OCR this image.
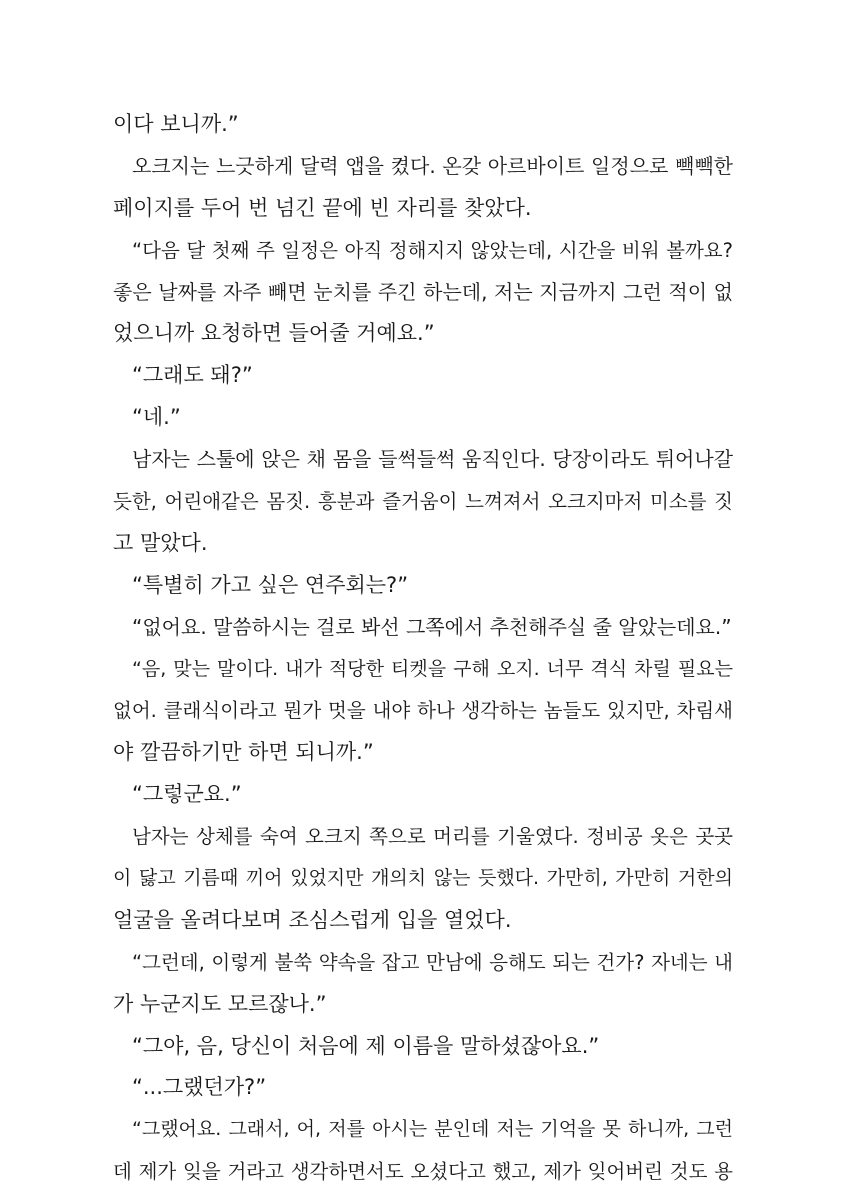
이다 보니까.”
오크지는 느긋하게 달력 앱을 켰다. 온갖 아르바이트 일정으로 빽빽한
페이지를 두어 번 넘긴 끝에 빈 자리를 찾았다.
“다음 달 첫째 주 일정은 아직 정해지지 않았는데, 시간을 비워 볼까요?
좋은 날짜를 자주 빼면 눈치를 주긴 하는데, 저는 지금까지 그런 적이 없
었으니까 요청하면 들어줄 거예요.”
“그래도 돼?”
“네.”
남자는 스툴에 앉은 채 몸을 들썩들썩 움직인다. 당장이라도 튀어나갈
듯한, 어린애같은 몸짓. 흥분과 즐거움이 느껴져서 오크지마저 미소를 짓
고 말았다.
“특별히 가고 싶은 연주회는?”
“없어요. 말씀하시는 걸로 봐선 그쪽에서 추천해주실 줄 알았는데요.”
“음, 맞는 말이다. 내가 적당한 티켓을 구해 오지. 너무 격식 차릴 필요는
없어. 클래식이라고 뭔가 멋을 내야 하나 생각하는 놈들도 있지만, 차림새
야 깔끔하기만 하면 되니까.”
“그렇군요.”
남자는 상체를 숙여 오크지 쪽으로 머리를 기울였다. 정비공 옷은 곳곳
이 닳고 기름때 끼어 있었지만 개의치 않는 듯했다. 가만히, 가만히 거한의
얼굴을 올려다보며 조심스럽게 입을 열었다.
“그런데, 이렇게 불쑥 약속을 잡고 만남에 응해도 되는 건가? 자네는 내
가 누군지도 모르잖나.”
“그야, 음, 당신이 처음에 제 이름을 말하셨잖아요.”
“...그랬던가?”
“그랬어요. 그래서, 어, 저를 아시는 분인데 저는 기억을 못 하니까, 그런
데 제가 잊을 거라고 생각하면서도 오셨다고 했고, 제가 잊어버린 것도 용
